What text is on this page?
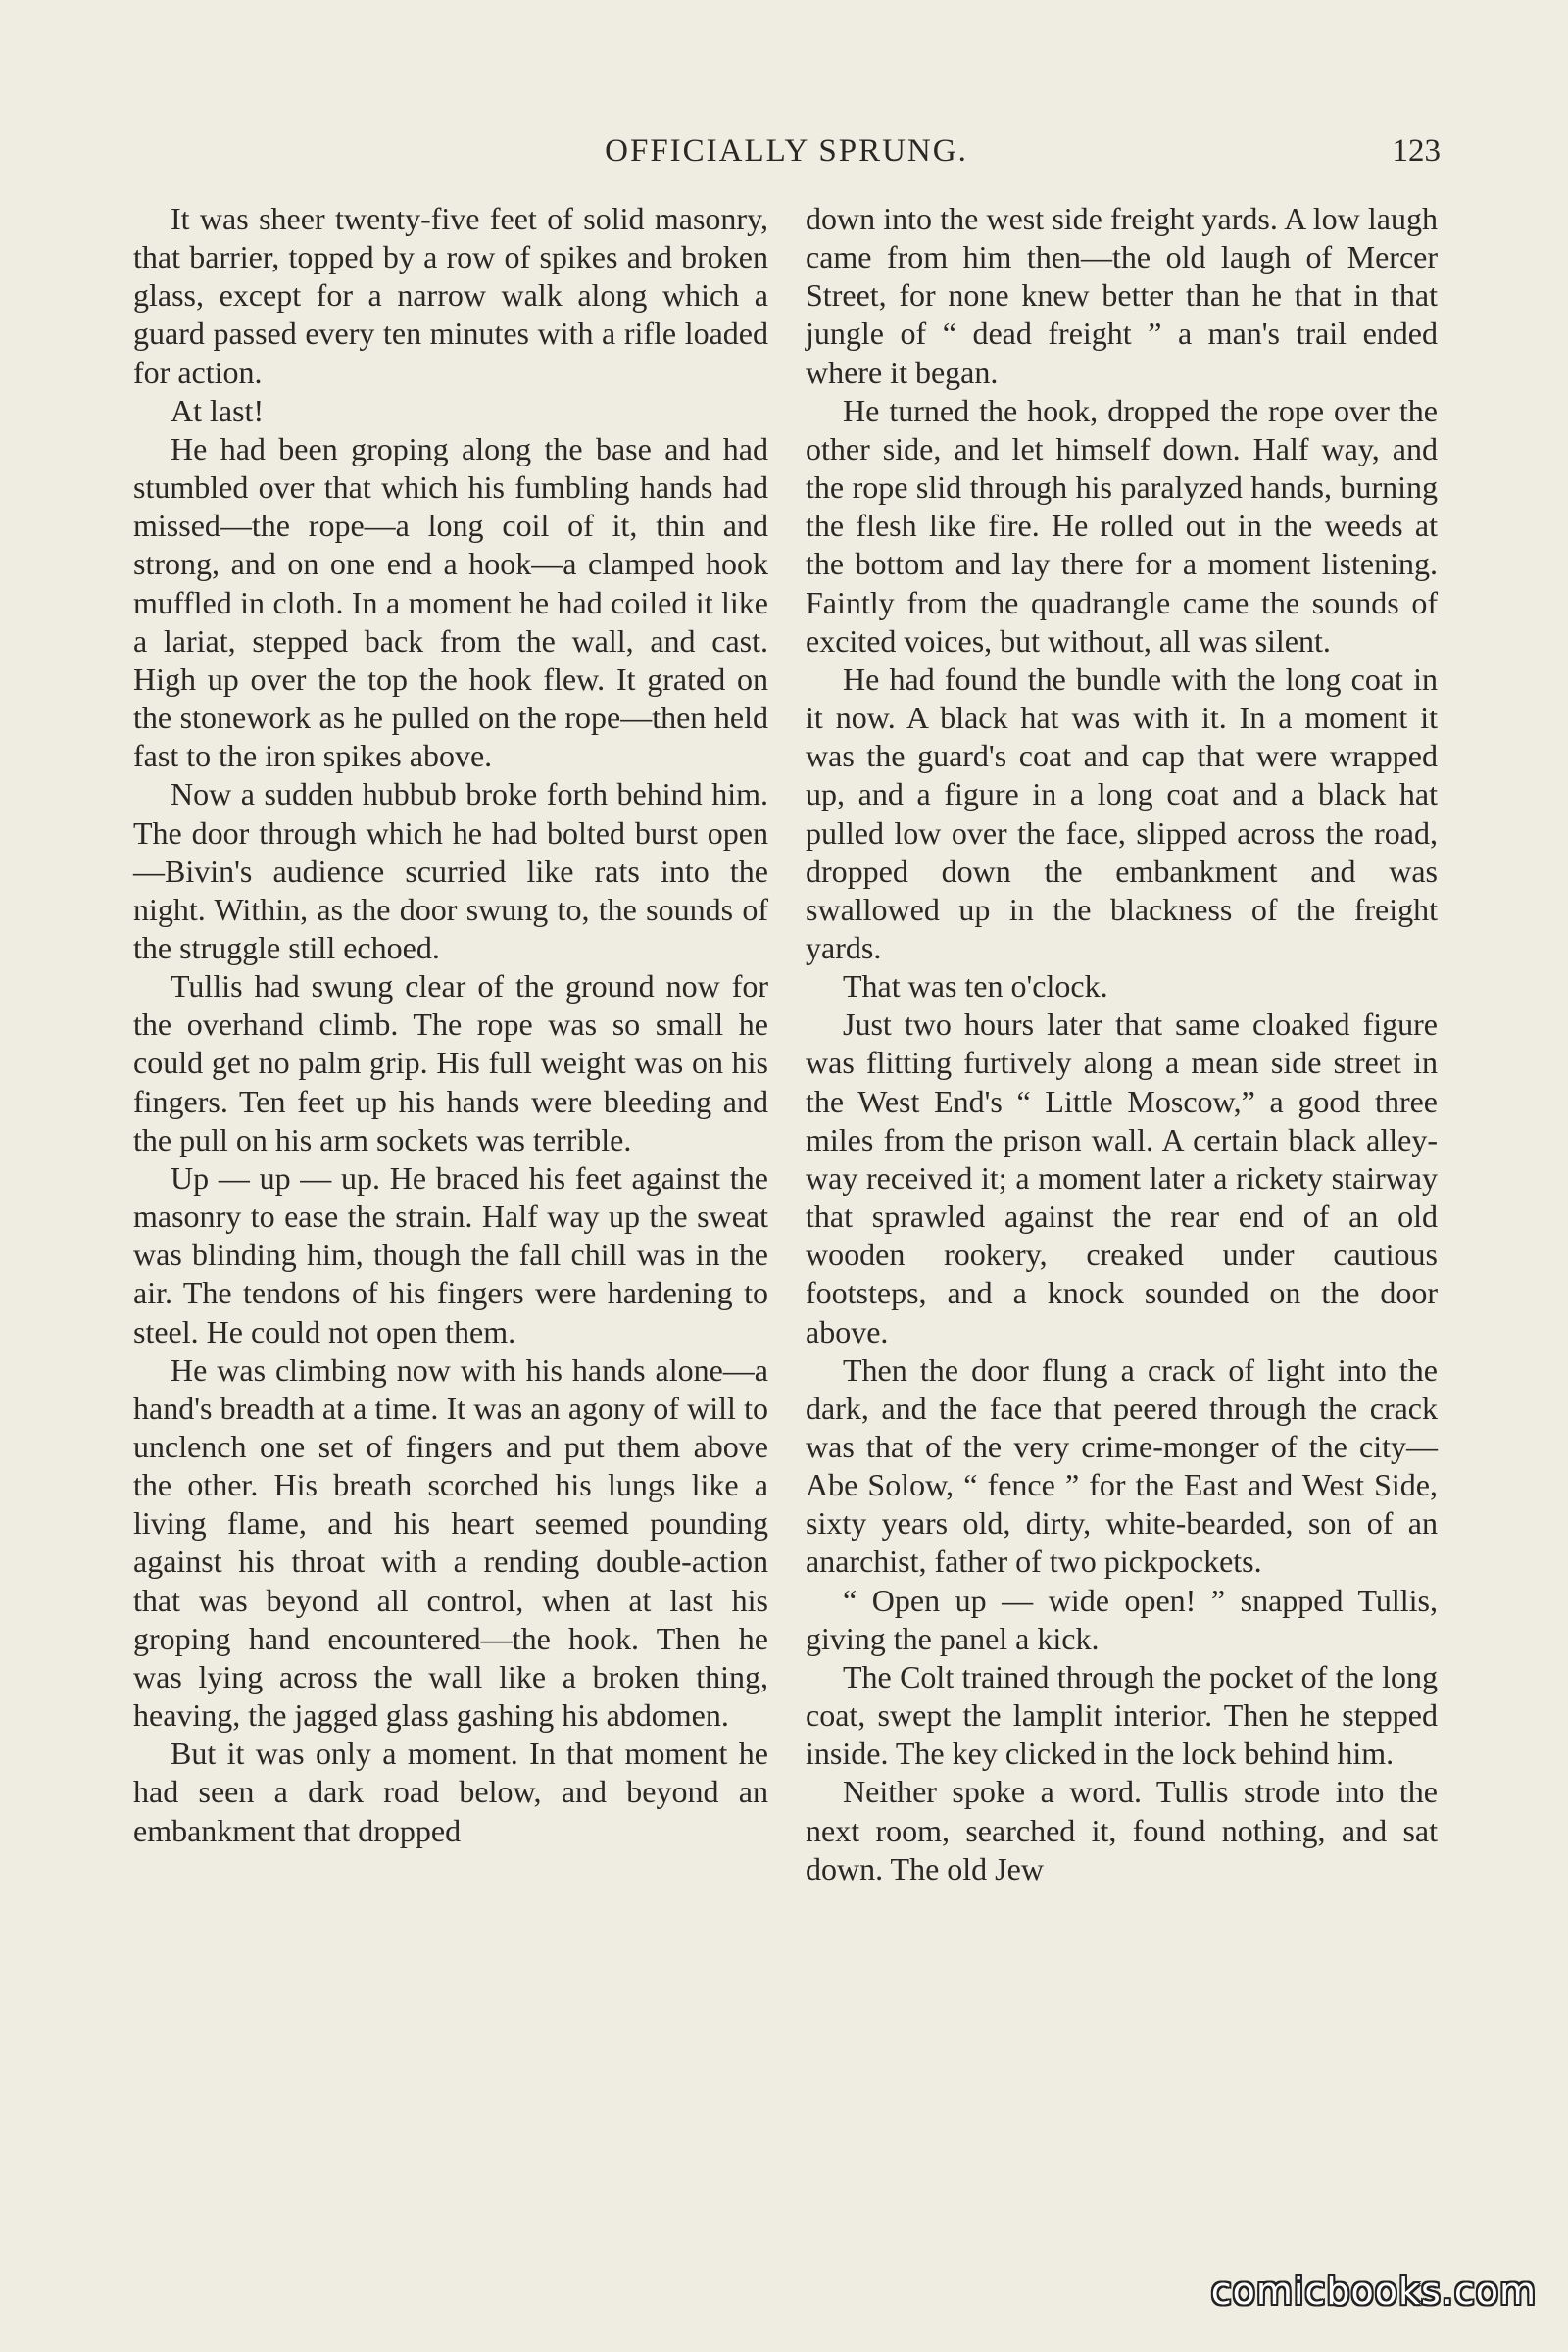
OFFICIALLY SPRUNG.	123

It was sheer twenty-five feet of solid masonry, that barrier, topped by a row of spikes and broken glass, except for a narrow walk along which a guard passed every ten minutes with a rifle loaded for action.

At last!

He had been groping along the base and had stumbled over that which his fumbling hands had missed—the rope—a long coil of it, thin and strong, and on one end a hook—a clamped hook muffled in cloth. In a moment he had coiled it like a lariat, stepped back from the wall, and cast. High up over the top the hook flew. It grated on the stonework as he pulled on the rope—then held fast to the iron spikes above.

Now a sudden hubbub broke forth behind him. The door through which he had bolted burst open—Bivin's audience scurried like rats into the night. Within, as the door swung to, the sounds of the struggle still echoed.

Tullis had swung clear of the ground now for the overhand climb. The rope was so small he could get no palm grip. His full weight was on his fingers. Ten feet up his hands were bleeding and the pull on his arm sockets was terrible.

Up — up — up. He braced his feet against the masonry to ease the strain. Half way up the sweat was blinding him, though the fall chill was in the air. The tendons of his fingers were hardening to steel. He could not open them.

He was climbing now with his hands alone—a hand's breadth at a time. It was an agony of will to unclench one set of fingers and put them above the other. His breath scorched his lungs like a living flame, and his heart seemed pounding against his throat with a rending double-action that was beyond all control, when at last his groping hand encountered—the hook. Then he was lying across the wall like a broken thing, heaving, the jagged glass gashing his abdomen.

But it was only a moment. In that moment he had seen a dark road below, and beyond an embankment that dropped

down into the west side freight yards. A low laugh came from him then—the old laugh of Mercer Street, for none knew better than he that in that jungle of “ dead freight ” a man's trail ended where it began.

He turned the hook, dropped the rope over the other side, and let himself down. Half way, and the rope slid through his paralyzed hands, burning the flesh like fire. He rolled out in the weeds at the bottom and lay there for a moment listening. Faintly from the quadrangle came the sounds of excited voices, but without, all was silent.

He had found the bundle with the long coat in it now. A black hat was with it. In a moment it was the guard's coat and cap that were wrapped up, and a figure in a long coat and a black hat pulled low over the face, slipped across the road, dropped down the embankment and was swallowed up in the blackness of the freight yards.

That was ten o'clock.

Just two hours later that same cloaked figure was flitting furtively along a mean side street in the West End's “ Little Moscow,” a good three miles from the prison wall. A certain black alley-way received it; a moment later a rickety stairway that sprawled against the rear end of an old wooden rookery, creaked under cautious footsteps, and a knock sounded on the door above.

Then the door flung a crack of light into the dark, and the face that peered through the crack was that of the very crime-monger of the city—Abe Solow, “ fence ” for the East and West Side, sixty years old, dirty, white-bearded, son of an anarchist, father of two pickpockets.

“ Open up — wide open! ” snapped Tullis, giving the panel a kick.

The Colt trained through the pocket of the long coat, swept the lamplit interior. Then he stepped inside. The key clicked in the lock behind him.

Neither spoke a word. Tullis strode into the next room, searched it, found nothing, and sat down. The old Jew

comicbooks.com
